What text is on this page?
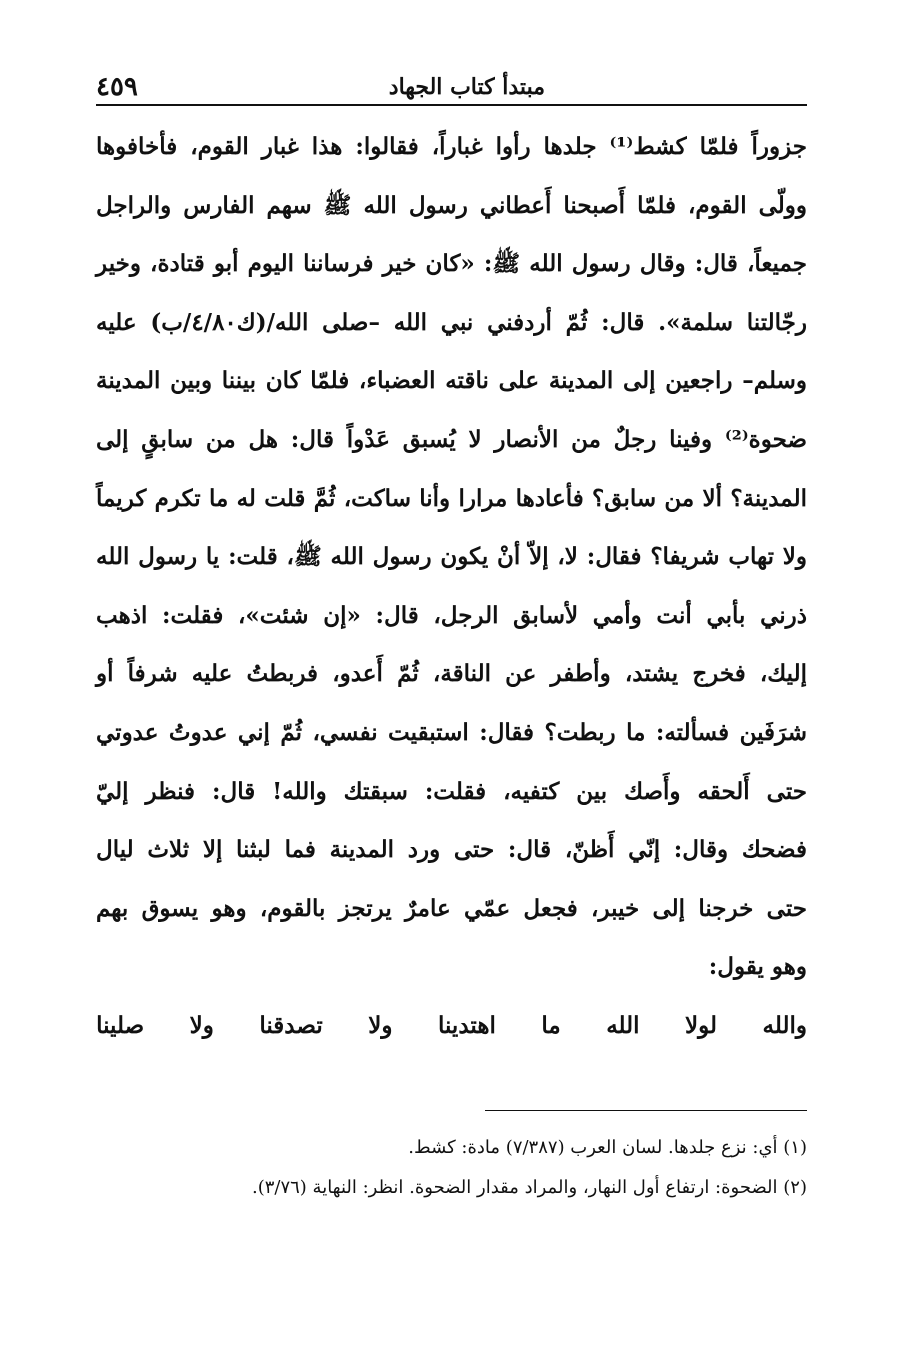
مبتدأ كتاب الجهاد
٤٥٩
جزوراً فلمّا كشط⁽¹⁾ جلدها رأوا غباراً، فقالوا: هذا غبار القوم، فأخافوها
وولّى القوم، فلمّا أَصبحنا أَعطاني رسول الله ﷺ سهم الفارس والراجل
جميعاً، قال: وقال رسول الله ﷺ: «كان خير فرساننا اليوم أبو قتادة، وخير
رجّالتنا سلمة». قال: ثُمّ أردفني نبي الله –صلى الله/(ك٤/٨٠/ب) عليه
وسلم– راجعين إلى المدينة على ناقته العضباء، فلمّا كان بيننا وبين المدينة
ضحوة⁽²⁾ وفينا رجلٌ من الأنصار لا يُسبق عَدْواً قال: هل من سابقٍ إلى
المدينة؟ ألا من سابق؟ فأعادها مرارا وأنا ساكت، ثُمَّ قلت له ما تكرم كريماً
ولا تهاب شريفا؟ فقال: لا، إلاّ أنْ يكون رسول الله ﷺ، قلت: يا رسول الله
ذرني بأبي أنت وأمي لأسابق الرجل، قال: «إن شئت»، فقلت: اذهب
إليك، فخرج يشتد، وأطفر عن الناقة، ثُمّ أَعدو، فربطتُ عليه شرفاً أو
شرَفَين فسألته: ما ربطت؟ فقال: استبقيت نفسي، ثُمّ إني عدوتُ عدوتي
حتى أَلحقه وأَصك بين كتفيه، فقلت: سبقتك والله! قال: فنظر إليّ
فضحك وقال: إنّي أَظنّ، قال: حتى ورد المدينة فما لبثنا إلا ثلاث ليال
حتى خرجنا إلى خيبر، فجعل عمّي عامرٌ يرتجز بالقوم، وهو يسوق بهم
وهو يقول:
والله
لولا
الله
ما
اهتدينا
ولا
تصدقنا
ولا
صلينا
(١) أي: نزع جلدها. لسان العرب (٧/٣٨٧) مادة: كشط.
(٢) الضحوة: ارتفاع أول النهار، والمراد مقدار الضحوة. انظر: النهاية (٣/٧٦).
